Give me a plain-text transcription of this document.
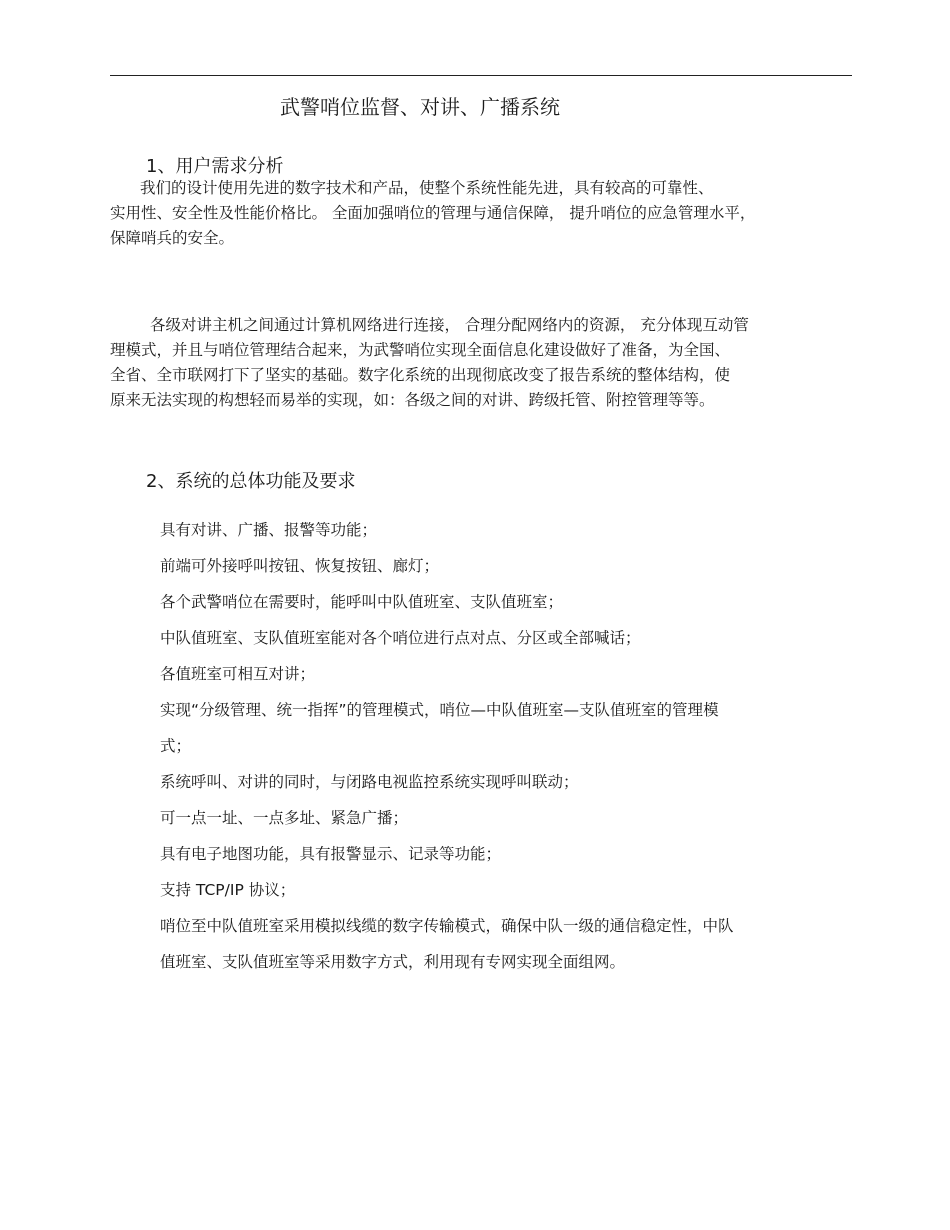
武警哨位监督、对讲、广播系统
1、用户需求分析

我们的设计使用先进的数字技术和产品，使整个系统性能先进，具有较高的可靠性、
实用性、安全性及性能价格比。 全面加强哨位的管理与通信保障， 提升哨位的应急管理水平，
保障哨兵的安全。

各级对讲主机之间通过计算机网络进行连接， 合理分配网络内的资源， 充分体现互动管
理模式，并且与哨位管理结合起来，为武警哨位实现全面信息化建设做好了准备，为全国、
全省、全市联网打下了坚实的基础。数字化系统的出现彻底改变了报告系统的整体结构，使
原来无法实现的构想轻而易举的实现，如：各级之间的对讲、跨级托管、附控管理等等。

2、系统的总体功能及要求
具有对讲、广播、报警等功能；
前端可外接呼叫按钮、恢复按钮、廊灯；
各个武警哨位在需要时，能呼叫中队值班室、支队值班室；
中队值班室、支队值班室能对各个哨位进行点对点、分区或全部喊话；
各值班室可相互对讲；
实现“分级管理、统一指挥”的管理模式，哨位—中队值班室—支队值班室的管理模
式；
系统呼叫、对讲的同时，与闭路电视监控系统实现呼叫联动；
可一点一址、一点多址、紧急广播；
具有电子地图功能，具有报警显示、记录等功能；
支持 TCP/IP 协议；
哨位至中队值班室采用模拟线缆的数字传输模式，确保中队一级的通信稳定性，中队
值班室、支队值班室等采用数字方式，利用现有专网实现全面组网。
